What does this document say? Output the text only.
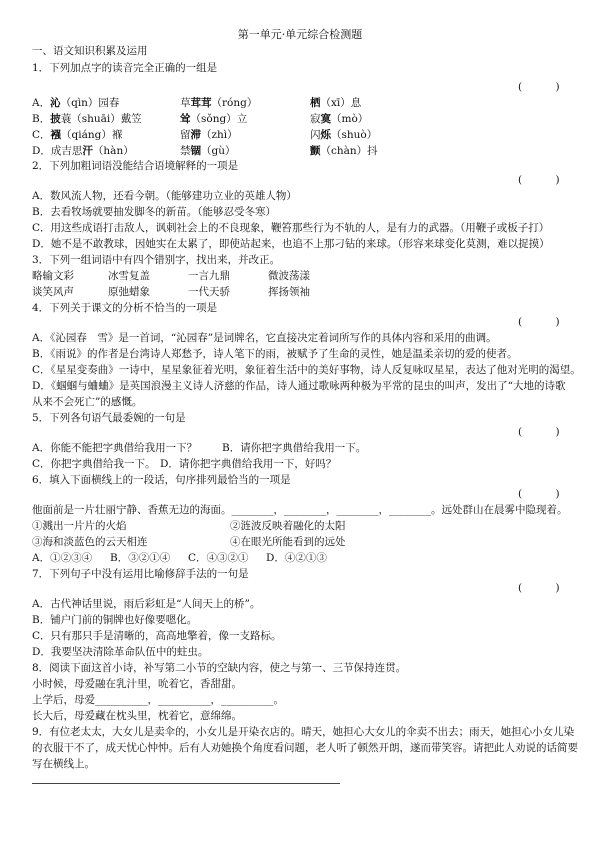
第一单元·单元综合检测题
一、语文知识积累及运用
1．下列加点字的读音完全正确的一组是
(          )
A．沁（qìn）园春	草茸茸（róng）	栖（xī）息
B．披蓑（shuāi）戴笠	耸（sǒng）立	寂寞（mò）
C．襁（qiáng）褓	留滞（zhì）	闪烁（shuò）
D．成吉思汗（hàn）	禁锢（gù）	颤（chàn）抖
2．下列加粗词语没能结合语境解释的一项是
(          )
A．数风流人物，还看今朝。（能够建功立业的英雄人物）
B．去看牧场就要抽发脚冬的新苗。（能够忍受冬寒）
C．用这些成语打击敌人，讽刺社会上的不良现象，鞭笞那些行为不轨的人，是有力的武器。（用鞭子或板子打）
D．她不是不敢教球，因她实在太累了，即使站起来，也追不上那刁钻的来球。（形容来球变化莫测，难以捉摸）
3．下列一组词语中有四个错别字，找出来，并改正。
略输文彩	冰雪复盖	一言九鼎	微波荡漾
谈笑风声	原弛蜡象	一代天骄	挥扬领袖
4．下列关于课文的分析不恰当的一项是
(          )
A．《沁园春　雪》是一首词，“沁园春”是词牌名，它直接决定着词所写作的具体内容和采用的曲调。
B．《雨说》的作者是台湾诗人郑愁予，诗人笔下的雨，被赋予了生命的灵性，她是温柔亲切的爱的使者。
C．《星星变奏曲》一诗中，星星象征着光明，象征着生活中的美好事物，诗人反复咏叹星星，表达了他对光明的渴望。
D．《蝈蝈与蛐蛐》是英国浪漫主义诗人济慈的作品，诗人通过歌咏两种极为平常的昆虫的叫声，发出了“大地的诗歌
从来不会死亡”的感慨。
5．下列各句语气最委婉的一句是
(          )
A．你能不能把字典借给我用一下？ B．请你把字典借给我用一下。
C．你把字典借给我一下。 D．请你把字典借给我用一下，好吗？
6．填入下面横线上的一段话，句序排列最恰当的一项是
(          )
他面前是一片壮丽宁静、香蕉无边的海面。________，________，________，________。远处群山在晨雾中隐现着。
①溅出一片片的火焰	②涟波反映着融化的太阳
③海和淡蓝色的云天相连	④在眼光所能看到的远处
A．①②③④ B．③②①④ C．④③②① D．④②①③
7．下列句子中没有运用比喻修辞手法的一句是
(          )
A．古代神话里说，雨后彩虹是“人间天上的桥”。
B．铺户门前的铜牌也好像要嗯化。
C．只有那只手是清晰的，高高地擎着，像一支路标。
D．我要坚决清除革命队伍中的蛀虫。
8．阅读下面这首小诗，补写第二小节的空缺内容，使之与第一、三节保持连贯。
小时候，母爱融在乳汁里，吮着它，香甜甜。
上学后，母爱__________，__________，__________。
长大后，母爱藏在枕头里，枕着它，意绵绵。
9．有位老太太，大女儿是卖伞的，小女儿是开染衣店的。晴天，她担心大女儿的伞卖不出去；雨天，她担心小女儿染
的衣服干不了，成天忧心忡忡。后有人劝她换个角度看问题，老人听了顿然开朗，遂而带笑容。请把此人劝说的话简要
写在横线上。
